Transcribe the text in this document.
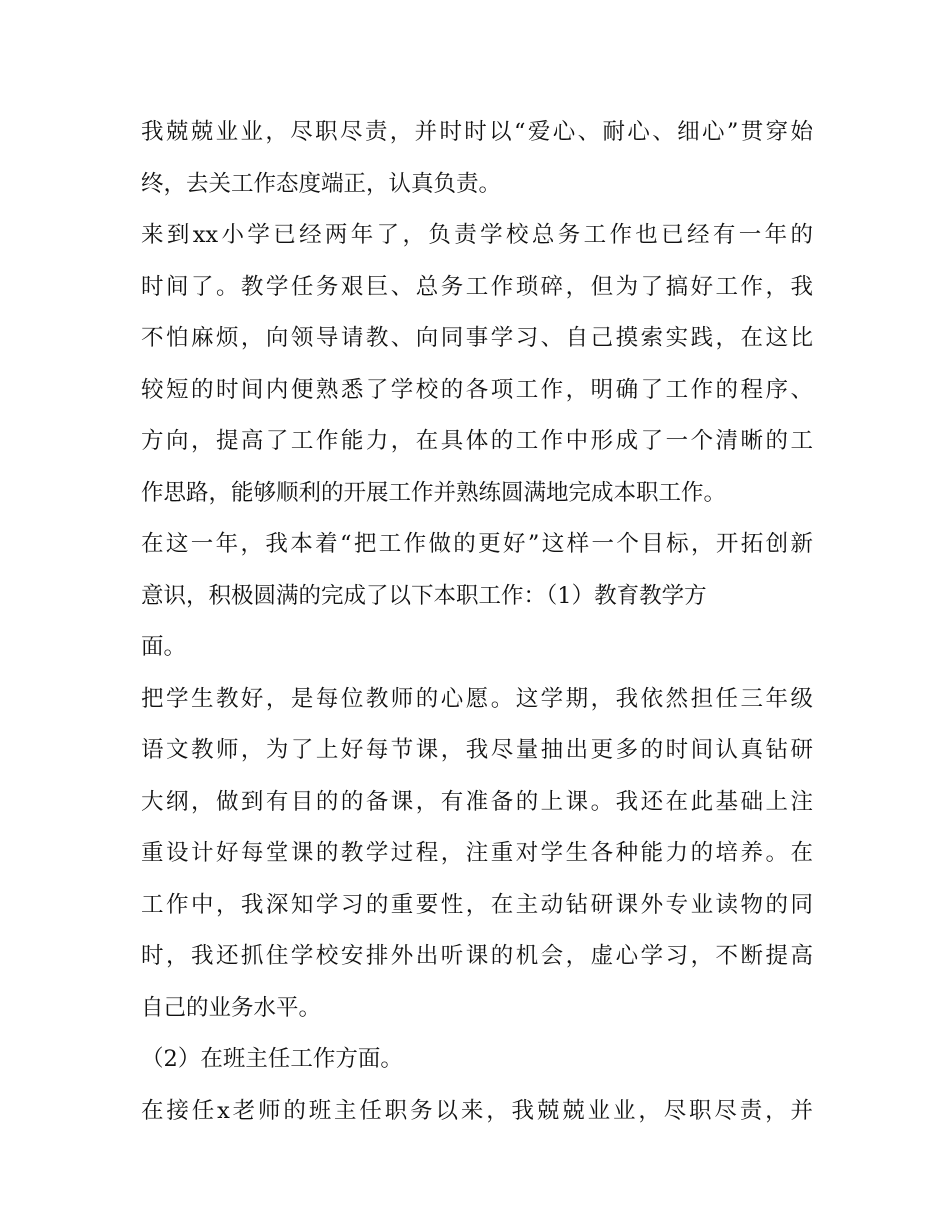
我兢兢业业，尽职尽责，并时时以“爱心、耐心、细心”贯穿始
终，去关工作态度端正，认真负责。
来到xx小学已经两年了，负责学校总务工作也已经有一年的
时间了。教学任务艰巨、总务工作琐碎，但为了搞好工作，我
不怕麻烦，向领导请教、向同事学习、自己摸索实践，在这比
较短的时间内便熟悉了学校的各项工作，明确了工作的程序、
方向，提高了工作能力，在具体的工作中形成了一个清晰的工
作思路，能够顺利的开展工作并熟练圆满地完成本职工作。
在这一年，我本着“把工作做的更好”这样一个目标，开拓创新
意识，积极圆满的完成了以下本职工作：（1）教育教学方
面。
把学生教好，是每位教师的心愿。这学期，我依然担任三年级
语文教师，为了上好每节课，我尽量抽出更多的时间认真钻研
大纲，做到有目的的备课，有准备的上课。我还在此基础上注
重设计好每堂课的教学过程，注重对学生各种能力的培养。在
工作中，我深知学习的重要性，在主动钻研课外专业读物的同
时，我还抓住学校安排外出听课的机会，虚心学习，不断提高
自己的业务水平。
（2）在班主任工作方面。
在接任x老师的班主任职务以来，我兢兢业业，尽职尽责，并
